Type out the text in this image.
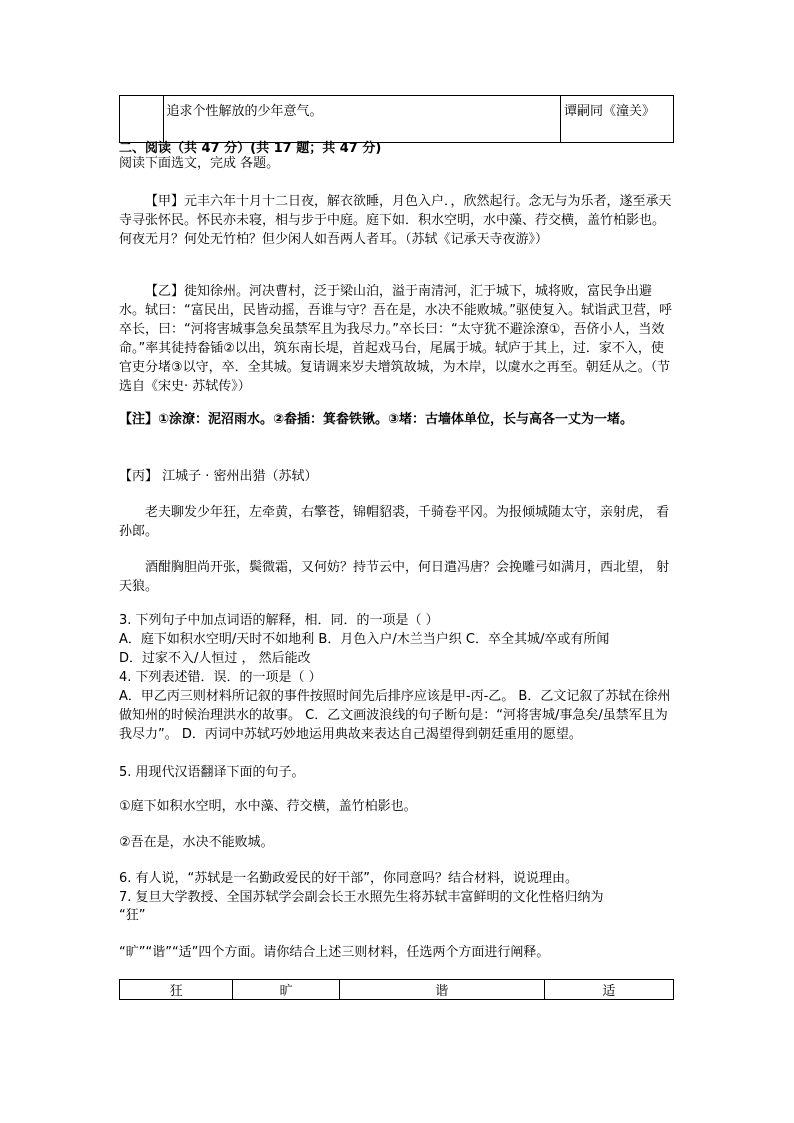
	追求个性解放的少年意气。	谭嗣同《潼关》
二、阅读（共 47 分）(共 17 题；共 47 分)
阅读下面选文，完成 各题。
【甲】元丰六年十月十二日夜，解衣欲睡，月色入户．，欣然起行。念无与为乐者，遂至承天寺寻张怀民。怀民亦未寝，相与步于中庭。庭下如．积水空明，水中藻、荇交横，盖竹柏影也。何夜无月？何处无竹柏？但少闲人如吾两人者耳。（苏轼《记承天寺夜游》）
【乙】徙知徐州。河决曹村，泛于梁山泊，溢于南清河，汇于城下，城将败，富民争出避水。轼曰：“富民出，民皆动摇，吾谁与守？吾在是，水决不能败城。”驱使复入。轼诣武卫营，呼卒长，曰：“河将害城事急矣虽禁军且为我尽力。”卒长曰：“太守犹不避涂潦①，吾侪小人，当效命。”率其徒持畚锸②以出，筑东南长堤，首起戏马台，尾属于城。轼庐于其上，过．家不入，使官吏分堵③以守，卒．全其城。复请调来岁夫增筑故城，为木岸，以虞水之再至。朝廷从之。（节选自《宋史· 苏轼传》）
【注】①涂潦：泥沼雨水。②畚插：箕畚铁锹。③堵：古墙体单位，长与高各一丈为一堵。
【丙】 江城子 · 密州出猎（苏轼）
老夫聊发少年狂，左牵黄，右擎苍，锦帽貂裘，千骑卷平冈。为报倾城随太守，亲射虎， 看孙郎。
酒酣胸胆尚开张，鬓微霜，又何妨？持节云中，何日遣冯唐？会挽雕弓如满月，西北望， 射天狼。
3. 下列句子中加点词语的解释，相．同．的一项是（ ）
A．庭下如积水空明/天时不如地利 B．月色入户/木兰当户织 C．卒全其城/卒或有所闻
D．过家不入/人恒过 ， 然后能改
4. 下列表述错．误．的一项是（ ）
A．甲乙丙三则材料所记叙的事件按照时间先后排序应该是甲-丙-乙。 B．乙文记叙了苏轼在徐州做知州的时候治理洪水的故事。 C．乙文画波浪线的句子断句是：“河将害城/事急矣/虽禁军且为我尽力”。 D．丙词中苏轼巧妙地运用典故来表达自己渴望得到朝廷重用的愿望。
5. 用现代汉语翻译下面的句子。
①庭下如积水空明，水中藻、荇交横，盖竹柏影也。
②吾在是，水决不能败城。
6. 有人说，“苏轼是一名勤政爱民的好干部”，你同意吗？结合材料，说说理由。
7. 复旦大学教授、全国苏轼学会副会长王水照先生将苏轼丰富鲜明的文化性格归纳为
“狂”
“旷”“谐”“适”四个方面。请你结合上述三则材料，任选两个方面进行阐释。
狂	旷	谐	适
